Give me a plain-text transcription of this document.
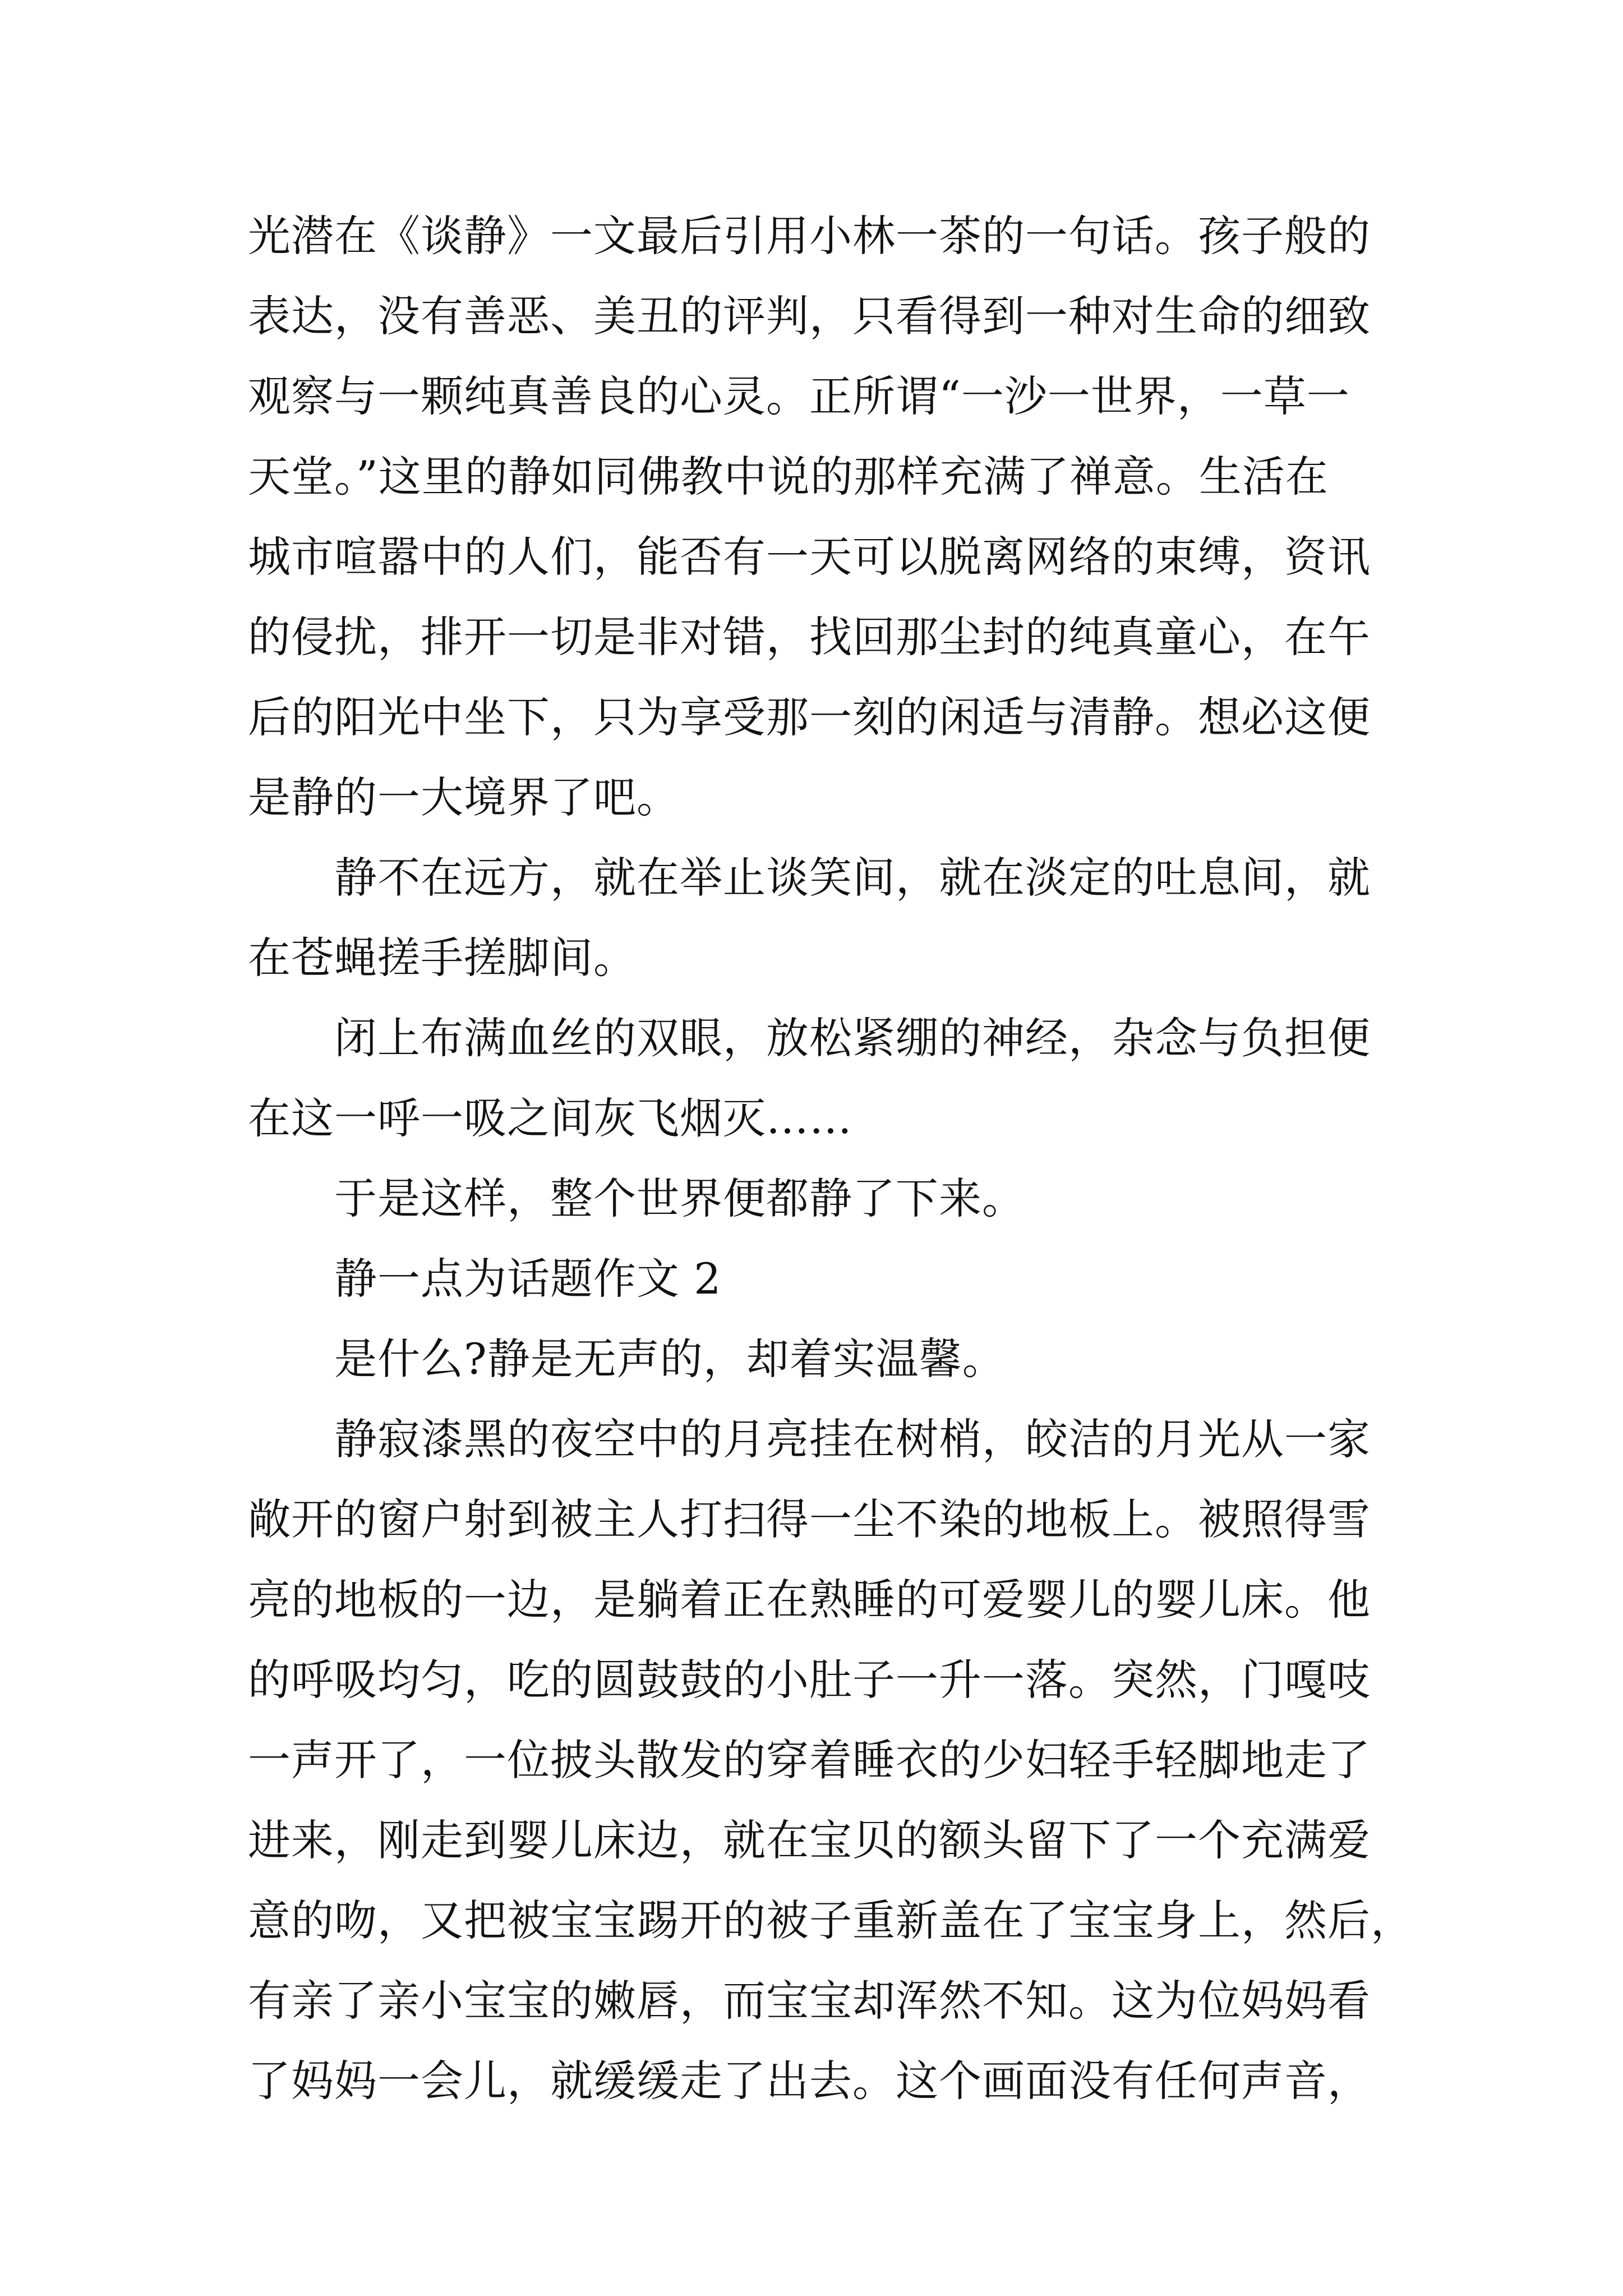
光潜在《谈静》一文最后引用小林一茶的一句话。孩子般的
表达，没有善恶、美丑的评判，只看得到一种对生命的细致
观察与一颗纯真善良的心灵。正所谓“一沙一世界，一草一
天堂。”这里的静如同佛教中说的那样充满了禅意。生活在
城市喧嚣中的人们，能否有一天可以脱离网络的束缚，资讯
的侵扰，排开一切是非对错，找回那尘封的纯真童心，在午
后的阳光中坐下，只为享受那一刻的闲适与清静。想必这便
是静的一大境界了吧。
静不在远方，就在举止谈笑间，就在淡定的吐息间，就
在苍蝇搓手搓脚间。
闭上布满血丝的双眼，放松紧绷的神经，杂念与负担便
在这一呼一吸之间灰飞烟灭……
于是这样，整个世界便都静了下来。
静一点为话题作文 2
是什么?静是无声的，却着实温馨。
静寂漆黑的夜空中的月亮挂在树梢，皎洁的月光从一家
敞开的窗户射到被主人打扫得一尘不染的地板上。被照得雪
亮的地板的一边，是躺着正在熟睡的可爱婴儿的婴儿床。他
的呼吸均匀，吃的圆鼓鼓的小肚子一升一落。突然，门嘎吱
一声开了，一位披头散发的穿着睡衣的少妇轻手轻脚地走了
进来，刚走到婴儿床边，就在宝贝的额头留下了一个充满爱
意的吻，又把被宝宝踢开的被子重新盖在了宝宝身上，然后，
有亲了亲小宝宝的嫩唇，而宝宝却浑然不知。这为位妈妈看
了妈妈一会儿，就缓缓走了出去。这个画面没有任何声音，
